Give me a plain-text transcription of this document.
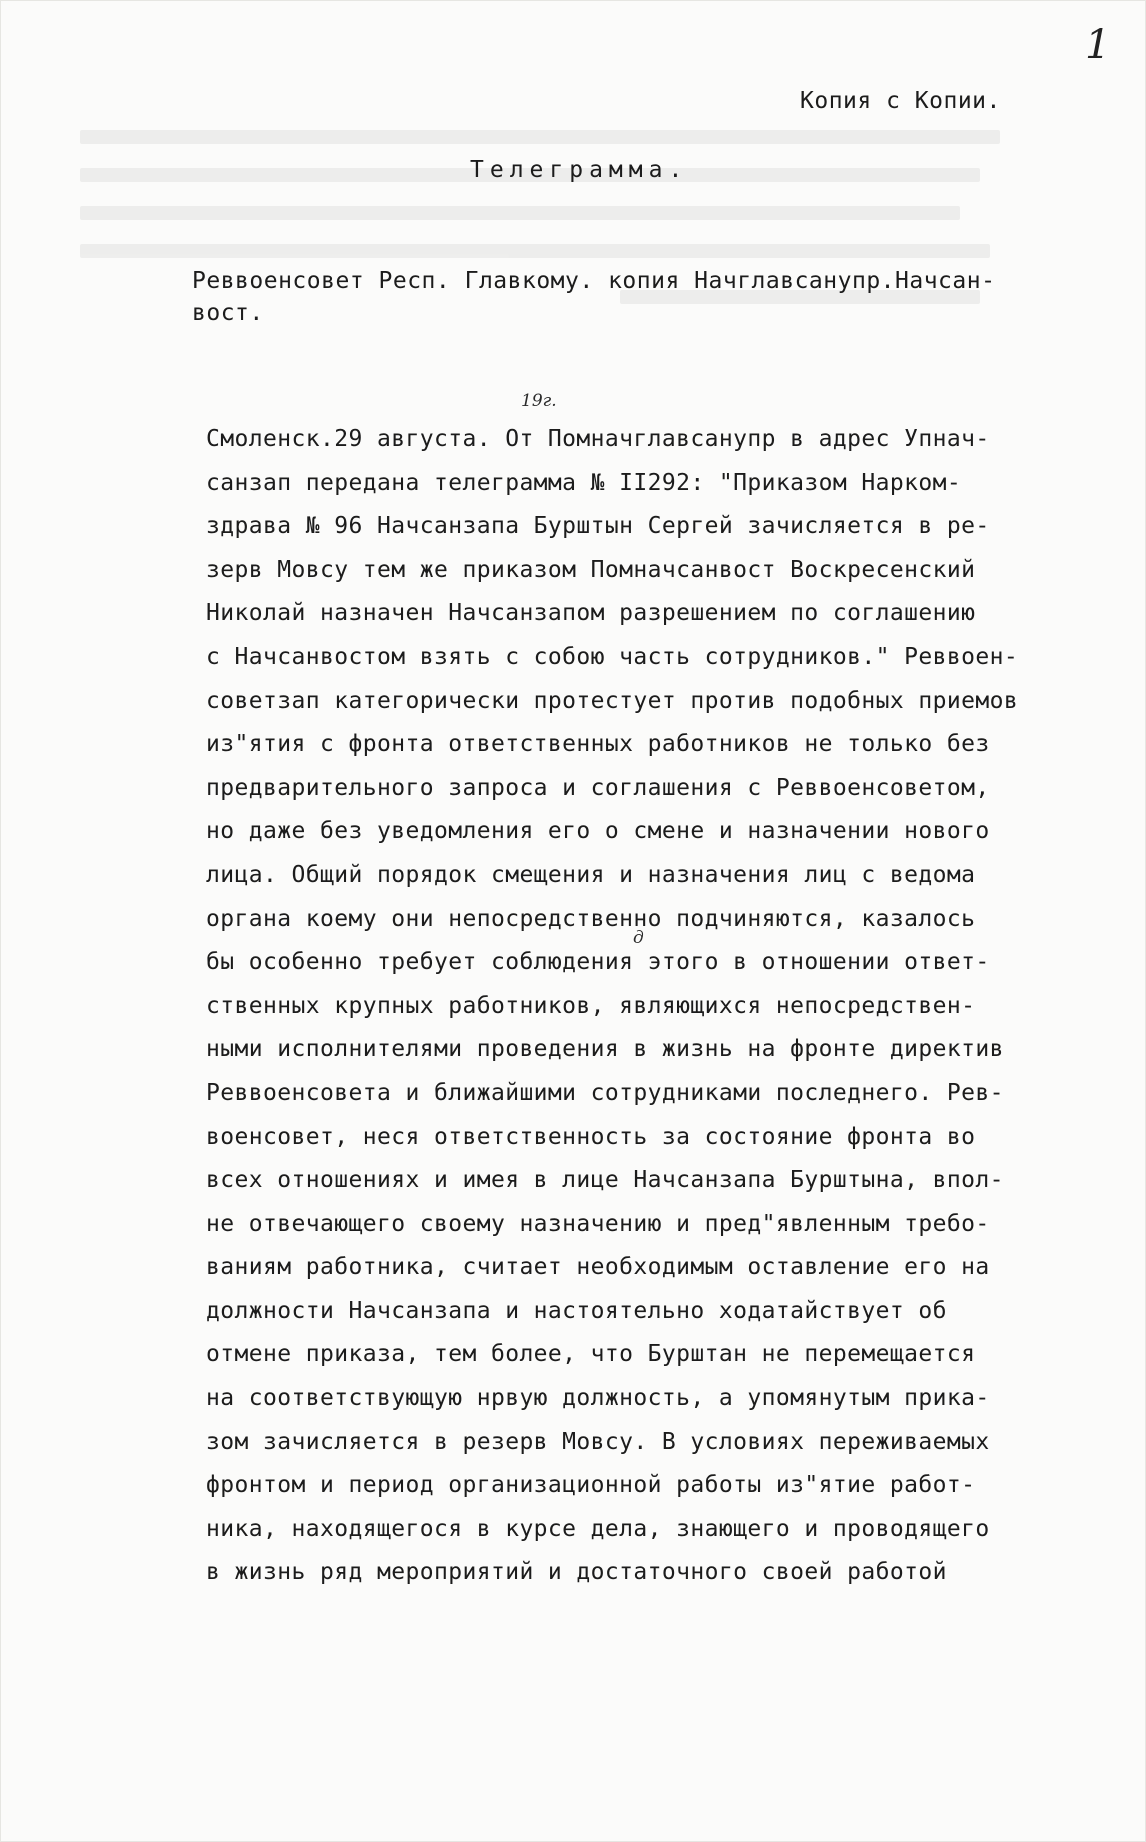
1
Копия с Копии.
Телеграмма.
Реввоенсовет Респ. Главкому. копия Начглавсанупр.Начсан-
вост.
19г.
д
Смоленск.29 августа. От Помначглавсанупр в адрес Упнач-
санзап передана телеграмма № II292: "Приказом Нарком-
здрава № 96 Начсанзапа Бурштын Сергей зачисляется в ре-
зерв Мовсу тем же приказом Помначсанвост Воскресенский
Николай назначен Начсанзапом разрешением по соглашению
с Начсанвостом взять с собою часть сотрудников." Реввоен-
советзап категорически протестует против подобных приемов
из"ятия с фронта ответственных работников не только без
предварительного запроса и соглашения с Реввоенсоветом,
но даже без уведомления его о смене и назначении нового
лица. Общий порядок смещения и назначения лиц с ведома
органа коему они непосредственно подчиняются, казалось
бы особенно требует соблюдения этого в отношении ответ-
ственных крупных работников, являющихся непосредствен-
ными исполнителями проведения в жизнь на фронте директив
Реввоенсовета и ближайшими сотрудниками последнего. Рев-
военсовет, неся ответственность за состояние фронта во
всех отношениях и имея в лице Начсанзапа Бурштына, впол-
не отвечающего своему назначению и пред"явленным требо-
ваниям работника, считает необходимым оставление его на
должности Начсанзапа и настоятельно ходатайствует об
отмене приказа, тем более, что Бурштан не перемещается
на соответствующую нрвую должность, а упомянутым прика-
зом зачисляется в резерв Мовсу. В условиях переживаемых
фронтом и период организационной работы из"ятие работ-
ника, находящегося в курсе дела, знающего и проводящего
в жизнь ряд мероприятий и достаточного своей работой
